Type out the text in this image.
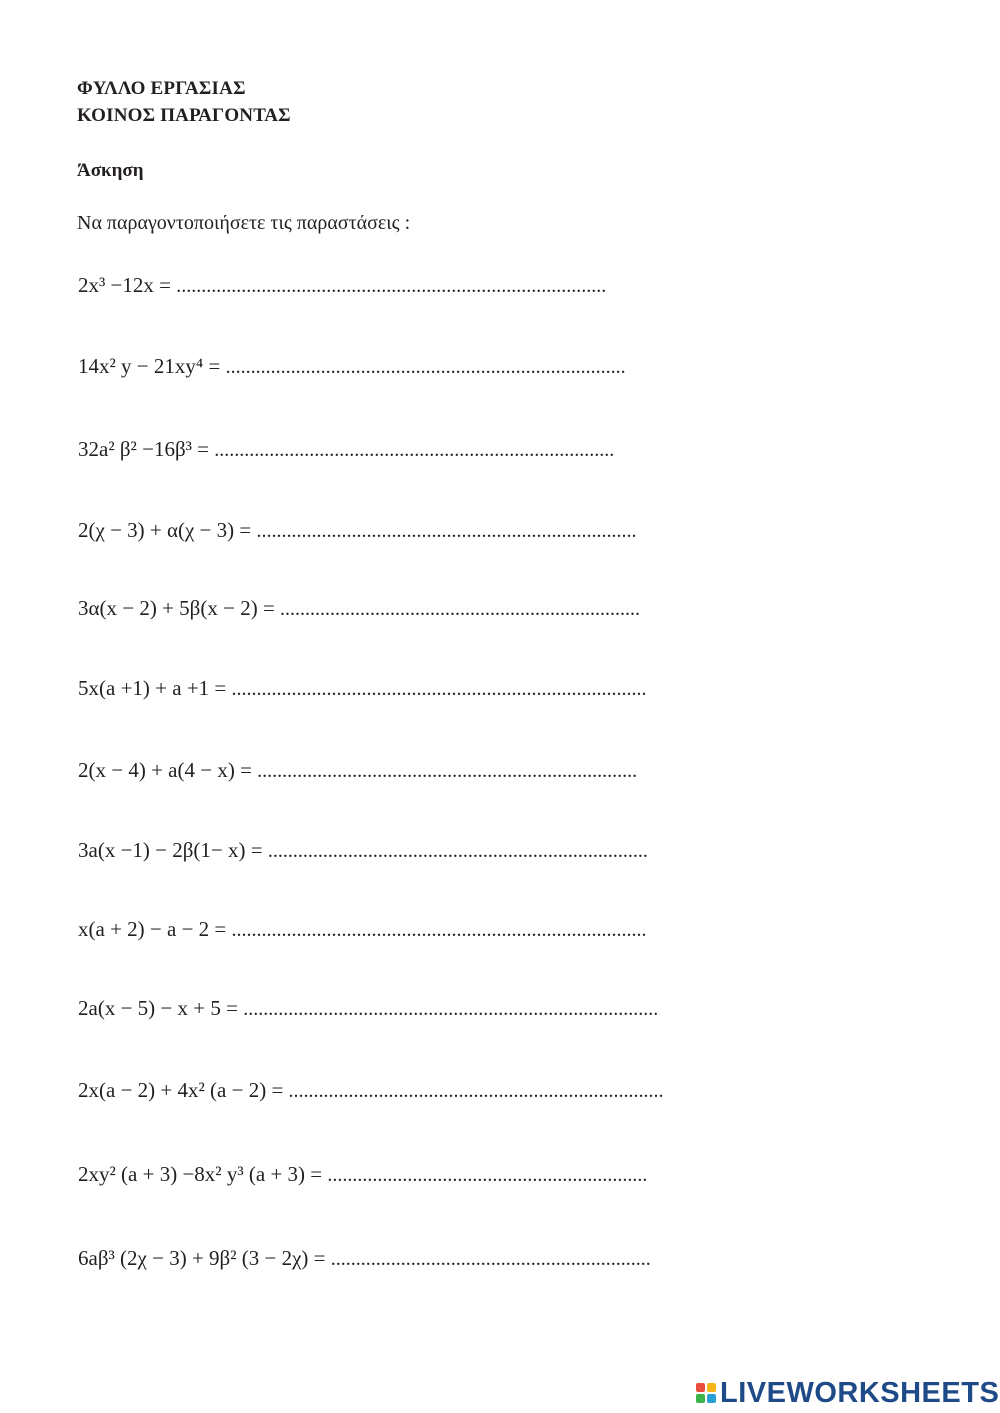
ΦΥΛΛΟ ΕΡΓΑΣΙΑΣ
ΚΟΙΝΟΣ ΠΑΡΑΓΟΝΤΑΣ
Άσκηση
Να παραγοντοποιήσετε τις παραστάσεις :
2x³ −12x = ......................................................................................
14x² y − 21xy⁴ = ................................................................................
32a² β² −16β³ = ................................................................................
2(χ − 3) + α(χ − 3) = ............................................................................
3α(x − 2) + 5β(x − 2) = ........................................................................
5x(a +1) + a +1 = ...................................................................................
2(x − 4) + a(4 − x) = ............................................................................
3a(x −1) − 2β(1− x) = ............................................................................
x(a + 2) − a − 2 = ...................................................................................
2a(x − 5) − x + 5 = ...................................................................................
2x(a − 2) + 4x² (a − 2) = ...........................................................................
2xy² (a + 3) −8x² y³ (a + 3) = ................................................................
6aβ³ (2χ − 3) + 9β² (3 − 2χ) = ................................................................
LIVEWORKSHEETS
